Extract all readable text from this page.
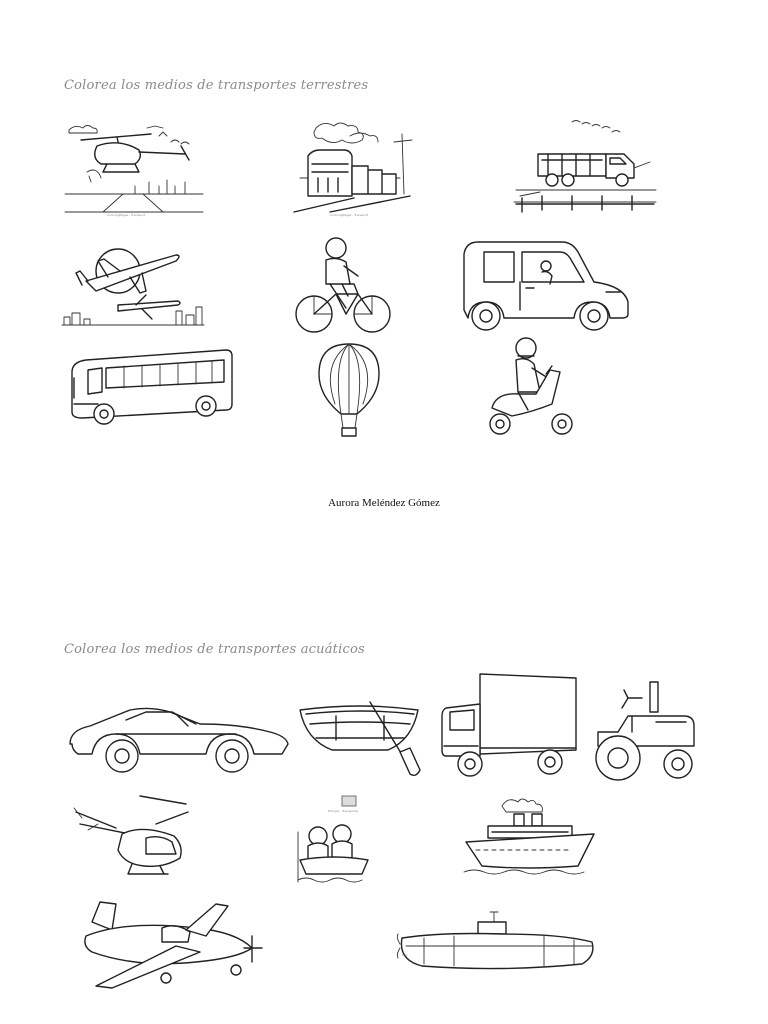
Colorea los medios de transportes terrestres
ColoringPages · Transport	ColoringPages · Transport
Aurora Meléndez Gómez
Colorea los medios de transportes acuáticos
Dibujos · Transporte
sub
